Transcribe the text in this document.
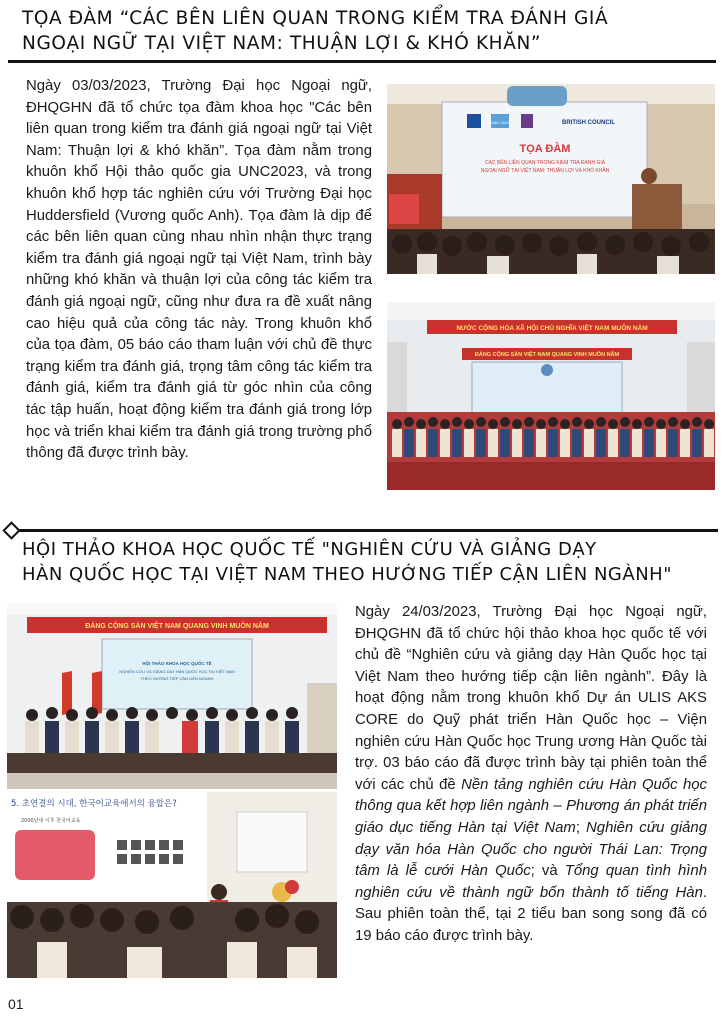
TỌA ĐÀM “CÁC BÊN LIÊN QUAN TRONG KIỂM TRA ĐÁNH GIÁ
NGOẠI NGỮ TẠI VIỆT NAM: THUẬN LỢI & KHÓ KHĂN”

Ngày 03/03/2023, Trường Đại học Ngoại ngữ, ĐHQGHN đã tổ chức tọa đàm khoa học "Các bên liên quan trong kiểm tra đánh giá ngoại ngữ tại Việt Nam: Thuận lợi & khó khăn”. Tọa đàm nằm trong khuôn khổ Hội thảo quốc gia UNC2023, và trong khuôn khổ hợp tác nghiên cứu với Trường Đại học Huddersfield (Vương quốc Anh). Tọa đàm là dịp để các bên liên quan cùng nhau nhìn nhận thực trạng kiểm tra đánh giá ngoại ngữ tại Việt Nam, trình bày những khó khăn và thuận lợi của công tác kiểm tra đánh giá ngoại ngữ, cũng như đưa ra đề xuất nâng cao hiệu quả của công tác này. Trong khuôn khổ của tọa đàm, 05 báo cáo tham luận với chủ đề thực trạng kiểm tra đánh giá, trọng tâm công tác kiểm tra đánh giá, kiểm tra đánh giá từ góc nhìn của công tác tập huấn, hoạt động kiểm tra đánh giá trong lớp học và triển khai kiểm tra đánh giá trong trường phổ thông đã được trình bày.

UNC 2023	BRITISH COUNCIL
TỌA ĐÀM
CÁC BÊN LIÊN QUAN TRONG KIỂM TRA ĐÁNH GIÁ
NGOẠI NGỮ TẠI VIỆT NAM: THUẬN LỢI VÀ KHÓ KHĂN
NƯỚC CỘNG HÒA XÃ HỘI CHỦ NGHĨA VIỆT NAM MUÔN NĂM
ĐẢNG CỘNG SẢN VIỆT NAM QUANG VINH MUÔN NĂM
HỘI THẢO KHOA HỌC QUỐC TẾ "NGHIÊN CỨU VÀ GIẢNG DẠY
HÀN QUỐC HỌC TẠI VIỆT NAM THEO HƯỚNG TIẾP CẬN LIÊN NGÀNH"
ĐẢNG CỘNG SẢN VIỆT NAM QUANG VINH MUÔN NĂM
HỘI THẢO KHOA HỌC QUỐC TẾ
NGHIÊN CỨU VÀ GIẢNG DẠY HÀN QUỐC HỌC TẠI VIỆT NAM
THEO HƯỚNG TIẾP CẬN LIÊN NGÀNH
5. 초연결의 시대, 한국어교육에서의 융합은?
2000년대 이후 한국어교육

Ngày 24/03/2023, Trường Đại học Ngoại ngữ, ĐHQGHN đã tổ chức hội thảo khoa học quốc tế với chủ đề “Nghiên cứu và giảng dạy Hàn Quốc học tại Việt Nam theo hướng tiếp cận liên ngành”. Đây là hoạt động nằm trong khuôn khổ Dự án ULIS AKS CORE do Quỹ phát triển Hàn Quốc học – Viện nghiên cứu Hàn Quốc học Trung ương Hàn Quốc tài trợ. 03 báo cáo đã được trình bày tại phiên toàn thể với các chủ đề Nền tảng nghiên cứu Hàn Quốc học thông qua kết hợp liên ngành – Phương án phát triển giáo dục tiếng Hàn tại Việt Nam; Nghiên cứu giảng dạy văn hóa Hàn Quốc cho người Thái Lan: Trọng tâm là lễ cưới Hàn Quốc; và Tổng quan tình hình nghiên cứu về thành ngữ bốn thành tố tiếng Hàn. Sau phiên toàn thể, tại 2 tiểu ban song song đã có 19 báo cáo được trình bày.

01
